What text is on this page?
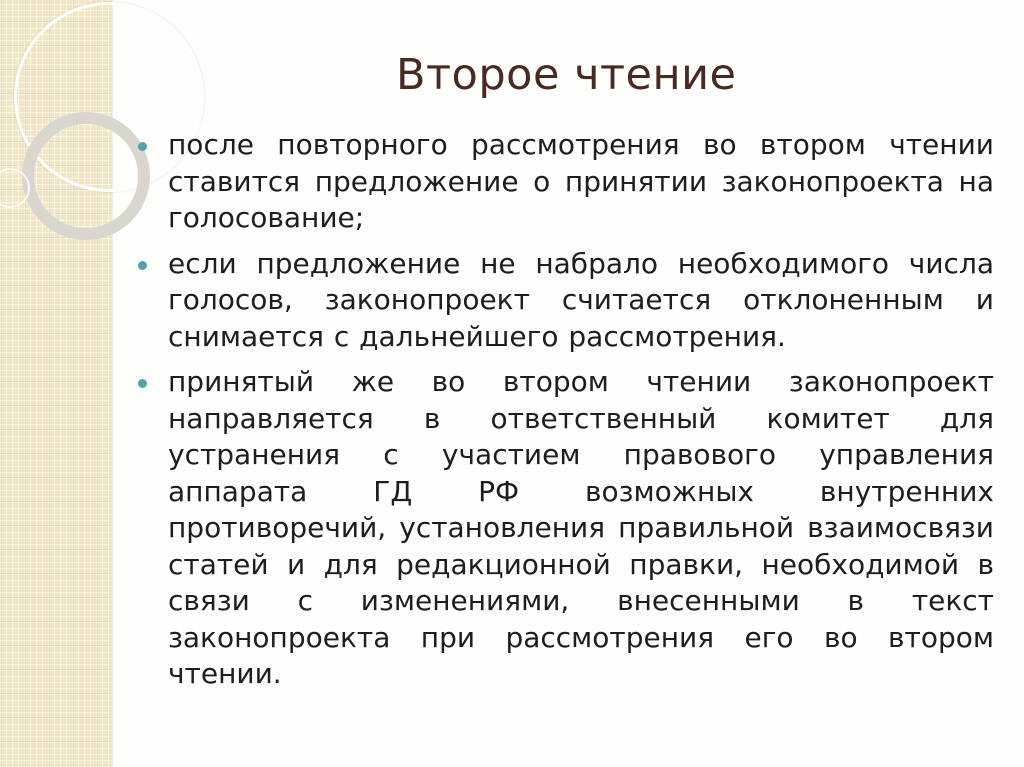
Второе чтение
после повторного рассмотрения во втором чтении ставится предложение о принятии законопроекта на голосование;
если предложение не набрало необходимого числа голосов, законопроект считается отклоненным и снимается с дальнейшего рассмотрения.
принятый же во втором чтении законопроект направляется в ответственный комитет для устранения с участием правового управления аппарата ГД РФ возможных внутренних противоречий, установления правильной взаимосвязи статей и для редакционной правки, необходимой в связи с изменениями, внесенными в текст законопроекта при рассмотрения его во втором чтении.
